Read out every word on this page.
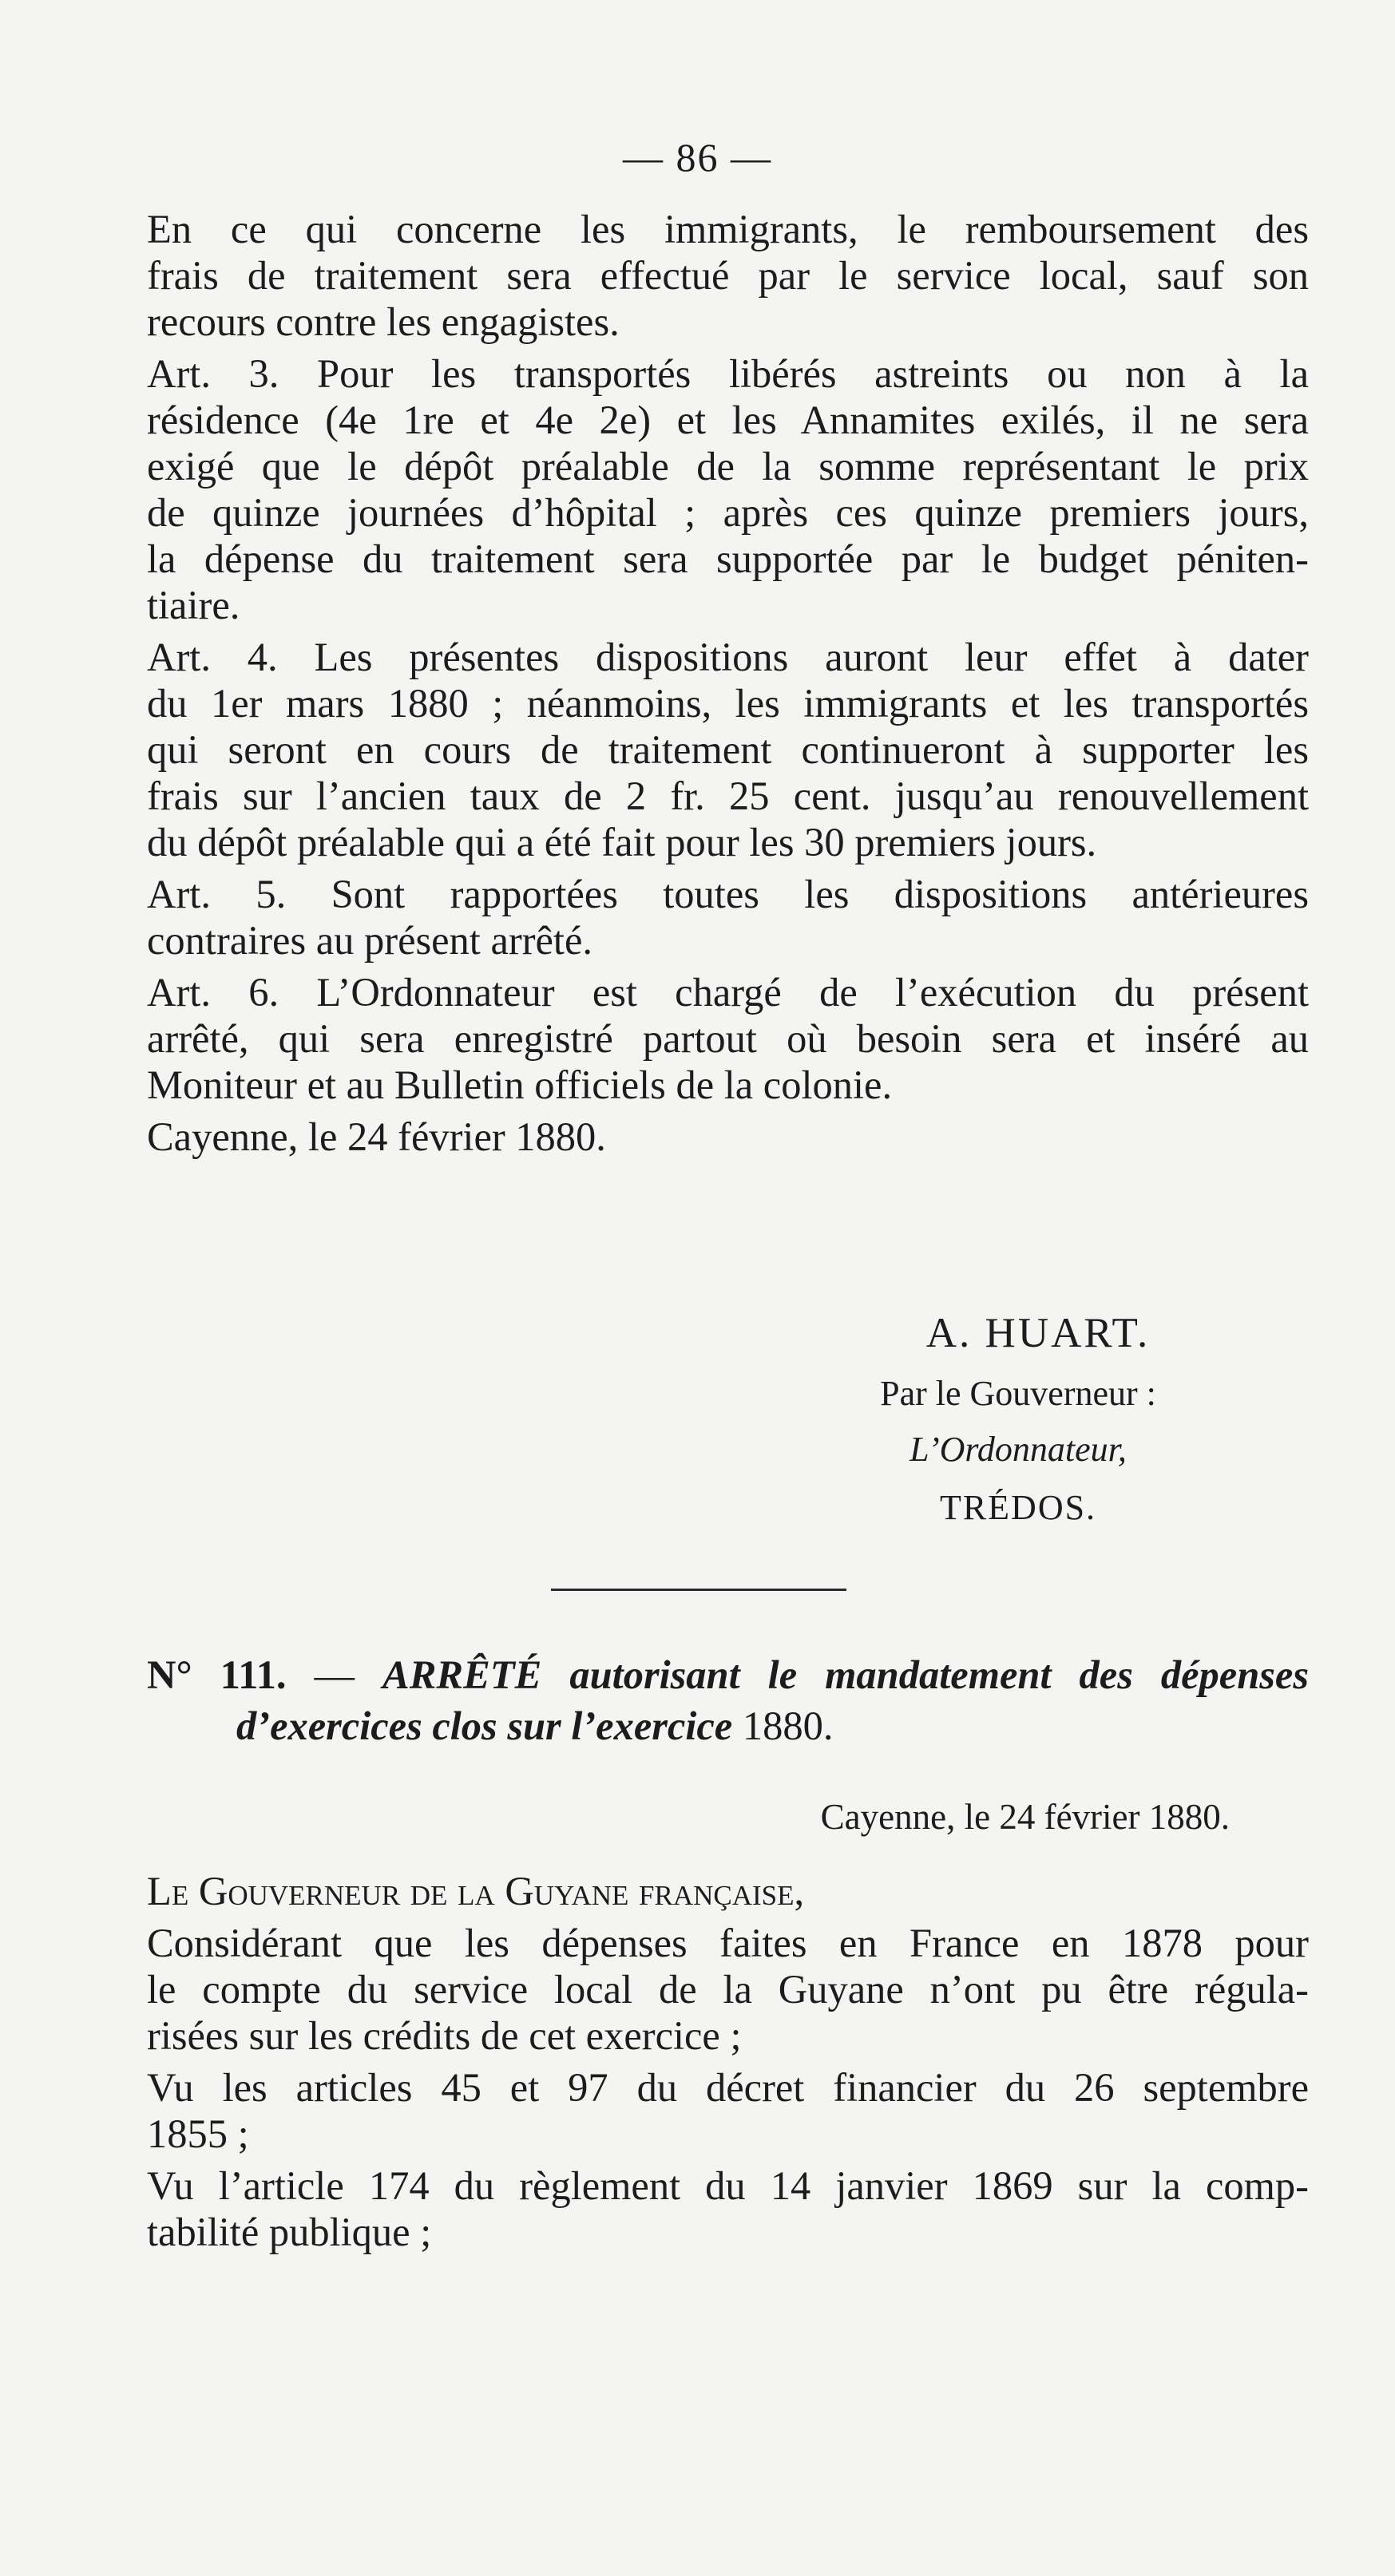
— 86 —
En ce qui concerne les immigrants, le remboursement des
frais de traitement sera effectué par le service local, sauf son
recours contre les engagistes.
Art. 3. Pour les transportés libérés astreints ou non à la
résidence (4e 1re et 4e 2e) et les Annamites exilés, il ne sera
exigé que le dépôt préalable de la somme représentant le prix
de quinze journées d’hôpital ; après ces quinze premiers jours,
la dépense du traitement sera supportée par le budget péniten-
tiaire.
Art. 4. Les présentes dispositions auront leur effet à dater
du 1er mars 1880 ; néanmoins, les immigrants et les transportés
qui seront en cours de traitement continueront à supporter les
frais sur l’ancien taux de 2 fr. 25 cent. jusqu’au renouvellement
du dépôt préalable qui a été fait pour les 30 premiers jours.
Art. 5. Sont rapportées toutes les dispositions antérieures
contraires au présent arrêté.
Art. 6. L’Ordonnateur est chargé de l’exécution du présent
arrêté, qui sera enregistré partout où besoin sera et inséré au
Moniteur et au Bulletin officiels de la colonie.
Cayenne, le 24 février 1880.
A. HUART.
Par le Gouverneur :
L’Ordonnateur,
TRÉDOS.
N° 111. — ARRÊTÉ autorisant le mandatement des dépenses
d’exercices clos sur l’exercice 1880.
Cayenne, le 24 février 1880.
Le Gouverneur de la Guyane française,
Considérant que les dépenses faites en France en 1878 pour
le compte du service local de la Guyane n’ont pu être régula-
risées sur les crédits de cet exercice ;
Vu les articles 45 et 97 du décret financier du 26 septembre
1855 ;
Vu l’article 174 du règlement du 14 janvier 1869 sur la comp-
tabilité publique ;
